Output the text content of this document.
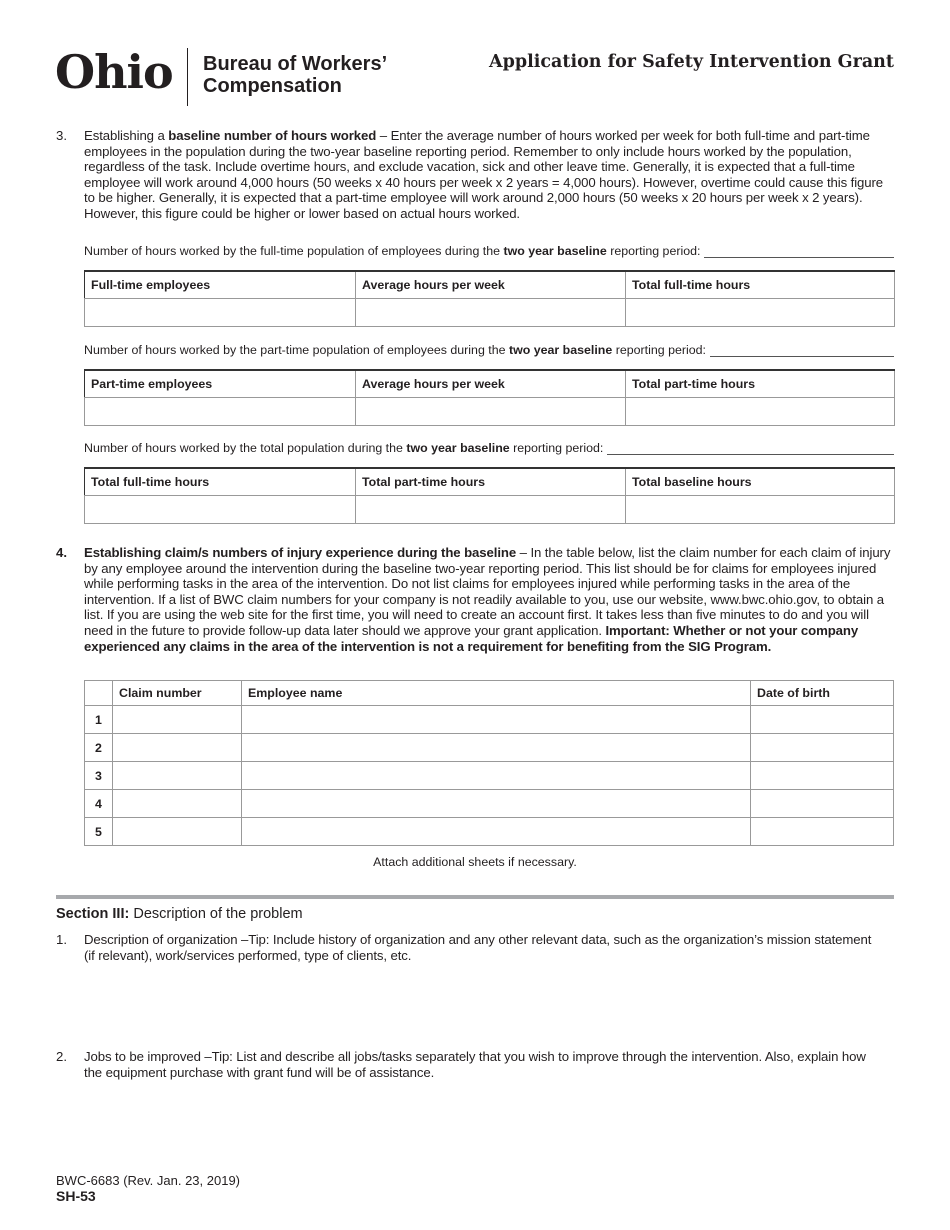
Ohio Bureau of Workers’
Compensation
Application for Safety Intervention Grant
3. Establishing a baseline number of hours worked – Enter the average number of hours worked per week for both full-time and part-time employees in the population during the two-year baseline reporting period. Remember to only include hours worked by the population, regardless of the task. Include overtime hours, and exclude vacation, sick and other leave time. Generally, it is expected that a full-time employee will work around 4,000 hours (50 weeks x 40 hours per week x 2 years = 4,000 hours). However, overtime could cause this figure to be higher. Generally, it is expected that a part-time employee will work around 2,000 hours (50 weeks x 20 hours per week x 2 years). However, this figure could be higher or lower based on actual hours worked.
Number of hours worked by the full-time population of employees during the two year baseline reporting period:
Full-time employees	Average hours per week	Total full-time hours

Number of hours worked by the part-time population of employees during the two year baseline reporting period:
Part-time employees	Average hours per week	Total part-time hours

Number of hours worked by the total population during the two year baseline reporting period:
Total full-time hours	Total part-time hours	Total baseline hours

4. Establishing claim/s numbers of injury experience during the baseline – In the table below, list the claim number for each claim of injury by any employee around the intervention during the baseline two-year reporting period. This list should be for claims for employees injured while performing tasks in the area of the intervention. Do not list claims for employees injured while performing tasks in the area of the intervention. If a list of BWC claim numbers for your company is not readily available to you, use our website, www.bwc.ohio.gov, to obtain a list. If you are using the web site for the first time, you will need to create an account first. It takes less than five minutes to do and you will need in the future to provide follow-up data later should we approve your grant application. Important: Whether or not your company experienced any claims in the area of the intervention is not a requirement for benefiting from the SIG Program.
	Claim number	Employee name	Date of birth
1			
2			
3			
4			
5			
Attach additional sheets if necessary.
Section III: Description of the problem
1. Description of organization –Tip: Include history of organization and any other relevant data, such as the organization’s mission statement (if relevant), work/services performed, type of clients, etc.
2. Jobs to be improved –Tip: List and describe all jobs/tasks separately that you wish to improve through the intervention. Also, explain how the equipment purchase with grant fund will be of assistance.
BWC-6683 (Rev. Jan. 23, 2019)
SH-53
